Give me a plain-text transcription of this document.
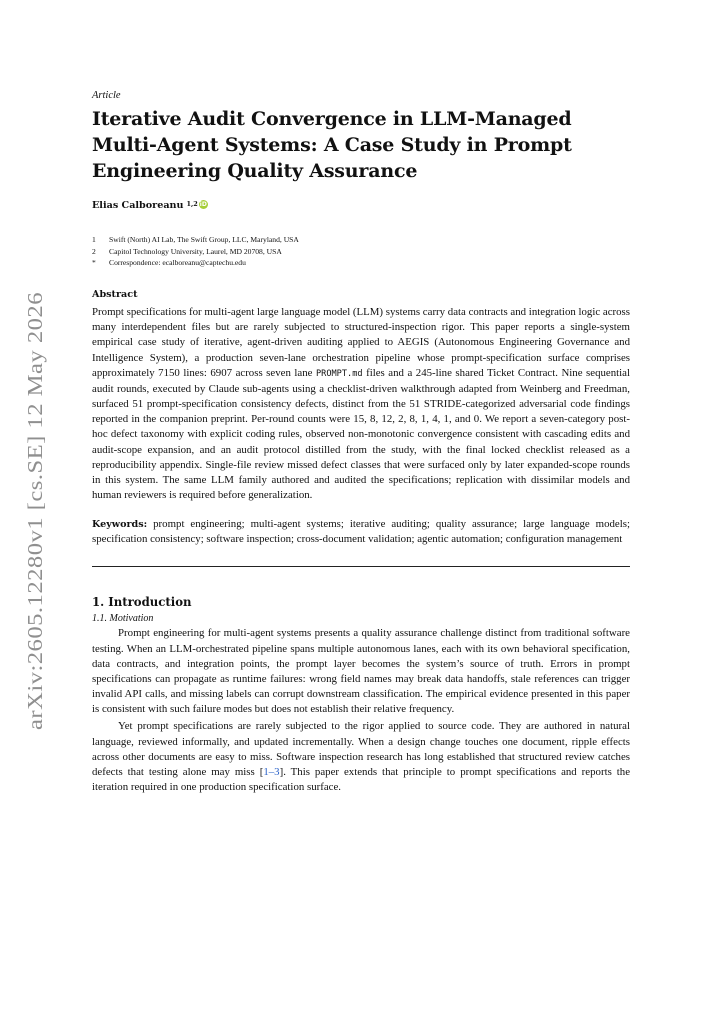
arXiv:2605.12280v1 [cs.SE] 12 May 2026
Article
Iterative Audit Convergence in LLM-Managed Multi-Agent Systems: A Case Study in Prompt Engineering Quality Assurance
Elias Calboreanu 1,2 iD
1	Swift (North) AI Lab, The Swift Group, LLC, Maryland, USA
2	Capitol Technology University, Laurel, MD 20708, USA
*	Correspondence: ecalboreanu@captechu.edu
Abstract
Prompt specifications for multi-agent large language model (LLM) systems carry data contracts and integration logic across many interdependent files but are rarely subjected to structured-inspection rigor. This paper reports a single-system empirical case study of iterative, agent-driven auditing applied to AEGIS (Autonomous Engineering Governance and Intelligence System), a production seven-lane orchestration pipeline whose prompt-specification surface comprises approximately 7150 lines: 6907 across seven lane PROMPT.md files and a 245-line shared Ticket Contract. Nine sequential audit rounds, executed by Claude sub-agents using a checklist-driven walkthrough adapted from Weinberg and Freedman, surfaced 51 prompt-specification consistency defects, distinct from the 51 STRIDE-categorized adversarial code findings reported in the companion preprint. Per-round counts were 15, 8, 12, 2, 8, 1, 4, 1, and 0. We report a seven-category post-hoc defect taxonomy with explicit coding rules, observed non-monotonic convergence consistent with cascading edits and audit-scope expansion, and an audit protocol distilled from the study, with the final locked checklist released as a reproducibility appendix. Single-file review missed defect classes that were surfaced only by later expanded-scope rounds in this system. The same LLM family authored and audited the specifications; replication with dissimilar models and human reviewers is required before generalization.
Keywords: prompt engineering; multi-agent systems; iterative auditing; quality assurance; large language models; specification consistency; software inspection; cross-document validation; agentic automation; configuration management
1. Introduction
1.1. Motivation
Prompt engineering for multi-agent systems presents a quality assurance challenge distinct from traditional software testing. When an LLM-orchestrated pipeline spans multiple autonomous lanes, each with its own behavioral specification, data contracts, and integration points, the prompt layer becomes the system’s source of truth. Errors in prompt specifications can propagate as runtime failures: wrong field names may break data handoffs, stale references can trigger invalid API calls, and missing labels can corrupt downstream classification. The empirical evidence presented in this paper is consistent with such failure modes but does not establish their relative frequency.
Yet prompt specifications are rarely subjected to the rigor applied to source code. They are authored in natural language, reviewed informally, and updated incrementally. When a design change touches one document, ripple effects across other documents are easy to miss. Software inspection research has long established that structured review catches defects that testing alone may miss [1–3]. This paper extends that principle to prompt specifications and reports the iteration required in one production specification surface.
